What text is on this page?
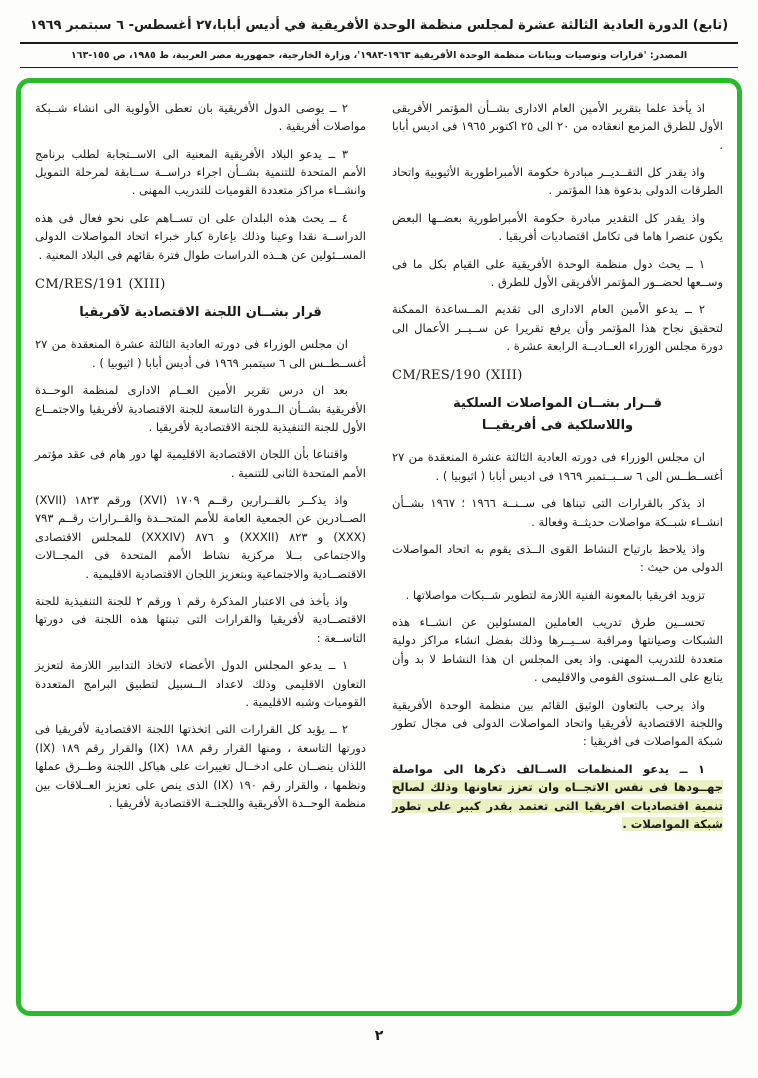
(تابع) الدورة العادية الثالثة عشرة لمجلس منظمة الوحدة الأفريقية في أديس أبابا،٢٧ أغسطس- ٦ سبتمبر ١٩٦٩
المصدر: 'قرارات وتوصيات وبيانات منظمة الوحدة الأفريقية ١٩٦٣-١٩٨٣'، وزارة الخارجية، جمهورية مصر العربية، ط ١٩٨٥، ص ١٥٥-١٦٣

اذ يأخذ علما بتقرير الأمين العام الادارى بشــأن المؤتمر الأفريقى الأول للطرق المزمع انعقاده من ٢٠ الى ٢٥ اكتوبر ١٩٦٥ فى اديس أبابا .

واذ يقدر كل التقــديــر مبادرة حكومة الأمبراطورية الأثيوبية واتحاد الطرقات الدولى بدعوة هذا المؤتمر .

واذ يقدر كل التقدير مبادرة حكومة الأمبراطورية بعضــها البعض يكون عنصرا هاما فى تكامل اقتصاديات أفريقيا .

١ ــ يحث دول منظمة الوحدة الأفريقية على القيام بكل ما فى وســعها لحضــور المؤتمر الأفريقى الأول للطرق .

٢ ــ يدعو الأمين العام الادارى الى تقديم المــساعدة الممكنة لتحقيق نجاح هذا المؤتمر وأن يرفع تقريرا عن ســيــر الأعمال الى دورة مجلس الوزراء العــاديــة الرابعة عشرة .

CM/RES/190 (XIII)
قــرار بشــان المواصلات السلكية
واللاسلكية فى أفريقيــا

ان مجلس الوزراء فى دورته العادية الثالثة عشرة المنعقدة من ٢٧ أغســطــس الى ٦ ســبــتمبر ١٩٦٩ فى اديس أبابا ( اثيوبيا ) .

اذ يذكر بالقرارات التى تبناها فى ســنــة ١٩٦٦ ؛ ١٩٦٧ بشــأن انشــاء شبــكة مواصلات حديثــة وفعالة .

واذ يلاحظ بارتياح النشاط القوى الــذى يقوم به اتحاد المواصلات الدولى من حيث :

تزويد افريقيا بالمعونة الفنية اللازمة لتطوير شــبكات مواصلاتها .

تحســين طرق تدريب العاملين المسئولين عن انشــاء هذه الشبكات وصيانتها ومراقبة ســيــرها وذلك بفضل انشاء مراكز دولية متعددة للتدريب المهنى. واذ يعى المجلس ان هذا النشاط لا بد وأن يتابع على المــستوى القومى والاقليمى .

واذ يرحب بالتعاون الوثيق القائم بين منظمة الوحدة الأفريقية واللجنة الاقتصادية لأفريقيا واتحاد المواصلات الدولى فى مجال تطور شبكة المواصلات فى افريقيا :

١ ــ يدعو المنظمات الســالف ذكرها الى مواصلة جهــودها فى نفس الاتجــاه وان تعزز تعاونها وذلك لصالح تنمية اقتصاديات افريقيا التى تعتمد بقدر كبير على تطور شبكة المواصلات .

٢ ــ يوصى الدول الأفريقية بان تعطى الأولوية الى انشاء شــبكة مواصلات أفريقية .

٣ ــ يدعو البلاد الأفريقية المعنية الى الاســتجابة لطلب برنامج الأمم المتحدة للتنمية بشــأن اجراء دراســة ســابقة لمرحلة التمويل وانشــاء مراكز متعددة القوميات للتدريب المهنى .

٤ ــ يحث هذه البلدان على ان تســاهم على نحو فعال فى هذه الدراســة نقدا وعينا وذلك بإعارة كبار خبراء اتحاد المواصلات الدولى المســئولين عن هــذه الدراسات طوال فترة بقائهم فى البلاد المعنية .

CM/RES/191 (XIII)
قرار بشــان اللجنة الاقتصادية لآفريقيا

ان مجلس الوزراء فى دورته العادية الثالثة عشرة المنعقدة من ٢٧ أغســطــس الى ٦ سبتمبر ١٩٦٩ فى أديس أبابا ( اثيوبيا ) .

بعد ان درس تقرير الأمين العــام الادارى لمنظمة الوحــدة الأفريقية بشــأن الــدورة التاسعة للجنة الاقتصادية لأفريقيا والاجتمــاع الأول للجنة التنفيذية للجنة الاقتصادية لأفريقيا .

واقتناعا بأن اللجان الاقتصادية الاقليمية لها دور هام فى عقد مؤتمر الأمم المتحدة الثانى للتنمية .

واذ يذكــر بالقــرارين رقــم ١٧٠٩ (XVI) ورقم ١٨٢٣ (XVII) الصــادرين عن الجمعية العامة للأمم المتحــدة والقــرارات رقــم ٧٩٣ (XXX) و ٨٢٣ (XXXII) و ٨٧٦ (XXXIV) للمجلس الاقتصادى والاجتماعى بــلا مركزية نشاط الأمم المتحدة فى المجــالات الاقتصــادية والاجتماعية وبتعزيز اللجان الاقتصادية الاقليمية .

واذ يأخذ فى الاعتبار المذكرة رقم ١ ورقم ٢ للجنة التنفيذية للجنة الاقتصــادية لأفريقيا والقرارات التى تبنتها هذه اللجنة فى دورتها التاســعة :

١ ــ يدعو المجلس الدول الأعضاء لاتخاذ التدابير اللازمة لتعزيز التعاون الاقليمى وذلك لاعداد الــسبيل لتطبيق البرامج المتعددة القوميات وشبه الاقليمية .

٢ ــ يؤيد كل القرارات التى اتخذتها اللجنة الاقتصادية لأفريقيا فى دورتها التاسعة ، ومنها القرار رقم ١٨٨ (IX) والقرار رقم ١٨٩ (IX) اللذان ينصــان على ادخــال تغييرات على هياكل اللجنة وطــرق عملها ونظمها ، والقرار رقم ١٩٠ (IX) الذى ينص على تعزيز العــلاقات بين منظمة الوحــدة الأفريقية واللجنــة الاقتصادية لأفريقيا .

٢
